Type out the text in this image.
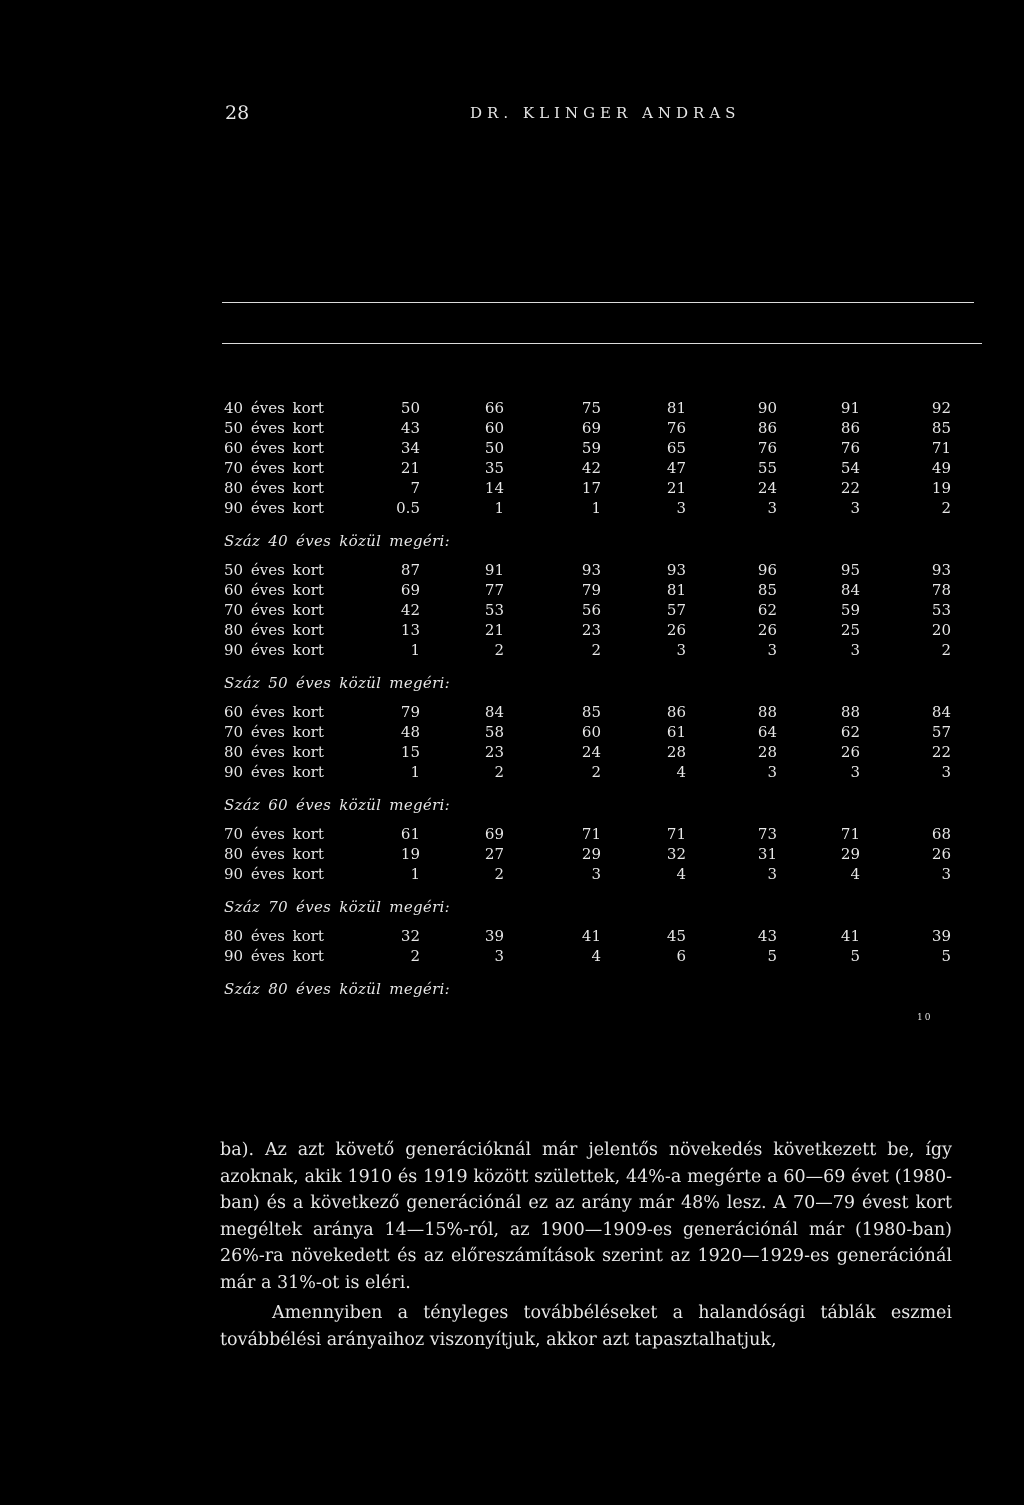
28	DR. KLINGER ANDRAS
40 éves kort	50	66	75	81	90	91	92
50 éves kort	43	60	69	76	86	86	85
60 éves kort	34	50	59	65	76	76	71
70 éves kort	21	35	42	47	55	54	49
80 éves kort	7	14	17	21	24	22	19
90 éves kort	0.5	1	1	3	3	3	2
Száz 40 éves közül megéri:
50 éves kort	87	91	93	93	96	95	93
60 éves kort	69	77	79	81	85	84	78
70 éves kort	42	53	56	57	62	59	53
80 éves kort	13	21	23	26	26	25	20
90 éves kort	1	2	2	3	3	3	2
Száz 50 éves közül megéri:
60 éves kort	79	84	85	86	88	88	84
70 éves kort	48	58	60	61	64	62	57
80 éves kort	15	23	24	28	28	26	22
90 éves kort	1	2	2	4	3	3	3
Száz 60 éves közül megéri:
70 éves kort	61	69	71	71	73	71	68
80 éves kort	19	27	29	32	31	29	26
90 éves kort	1	2	3	4	3	4	3
Száz 70 éves közül megéri:
80 éves kort	32	39	41	45	43	41	39
90 éves kort	2	3	4	6	5	5	5
Száz 80 éves közül megéri:
10

ba). Az azt követő generációknál már jelentős növekedés következett be, így azoknak, akik 1910 és 1919 között születtek, 44%-a megérte a 60—69 évet (1980-ban) és a következő generációnál ez az arány már 48% lesz. A 70—79 évest kort megéltek aránya 14—15%-ról, az 1900—1909-es generációnál már (1980-ban) 26%-ra növekedett és az előreszámítások szerint az 1920—1929-es generációnál már a 31%-ot is eléri.

Amennyiben a tényleges továbbéléseket a halandósági táblák eszmei továbbélési arányaihoz viszonyítjuk, akkor azt tapasztalhatjuk,
